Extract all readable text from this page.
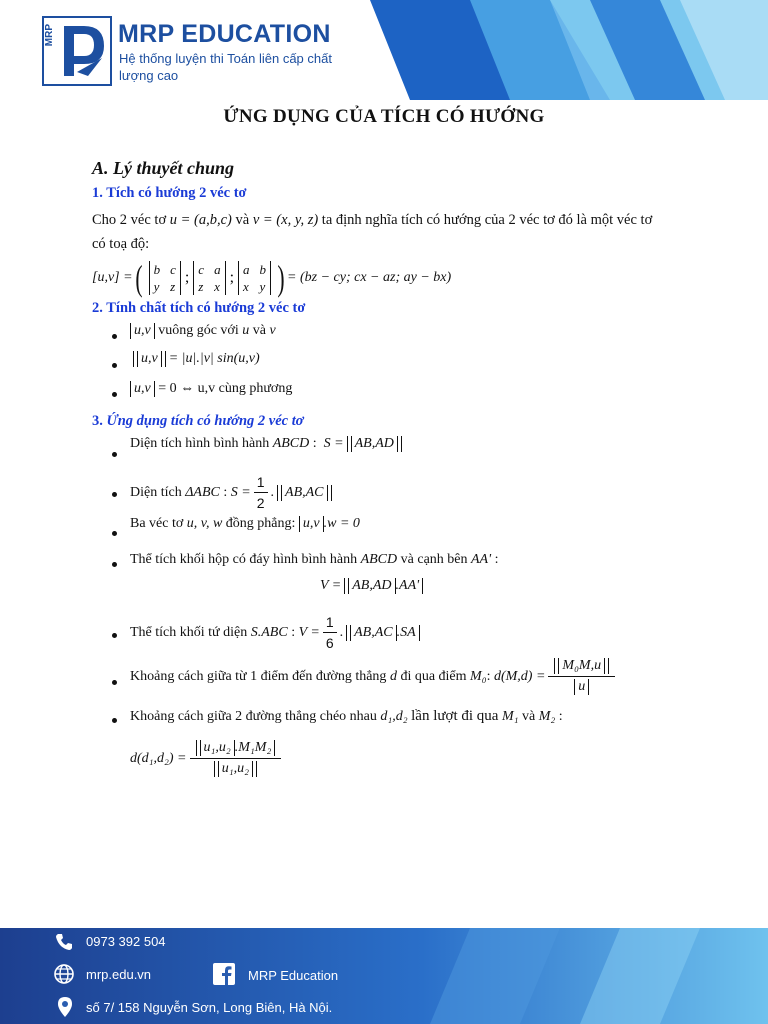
MRP	MRP EDUCATION
Hệ thống luyện thi Toán liên cấp chất lượng cao
ỨNG DỤNG CỦA TÍCH CÓ HƯỚNG
A. Lý thuyết chung
1. Tích có hướng 2 véc tơ

Cho 2 véc tơ u = (a,b,c) và v = (x, y, z) ta định nghĩa tích có hướng của 2 véc tơ đó là một véc tơ

có toạ độ:

[u,v] = ( b c
y z
; c a
z x
; a b
x y ) = (bz − cy; cx − az; ay − bx)
2. Tính chất tích có hướng 2 véc tơ
u,v
vuông góc với
u
và
v
u,v = |u|.|v| sin(u,v)
u,v
= 0 ⇔ u,v cùng phương
3. Ứng dụng tích có hướng 2 véc tơ
Diện tích hình bình hành
ABCD : S = AB,AD
Diện tích
ΔABC : $S = \frac{1}{2}$ . AB,AC
Ba véc tơ
u, v, w
đồng phẳng:
u,v .w = 0
Thể tích khối hộp có đáy hình bình hành
ABCD
và cạnh bên
AA' :
V = AB,AD .AA'
Thể tích khối tứ diện
S.ABC : $V = \frac{1}{6}$ . AB,AC .SA
Khoảng cách giữa từ 1 điểm đến đường thẳng
d
đi qua điểm
M₀ : $d(M,d) = \frac{\text{M₀M,u}}{u}$
Khoảng cách giữa 2 đường thẳng chéo nhau
d₁,d₂
lần lượt đi qua
M₁
và
M₂ :
$d(d_1,d_2) = \frac{\text{u₁,u₂ .M₁M₂}}{\text{u₁,u₂}}$
0973 392 504
mrp.edu.vn	MRP Education
số 7/ 158 Nguyễn Sơn, Long Biên, Hà Nội.
